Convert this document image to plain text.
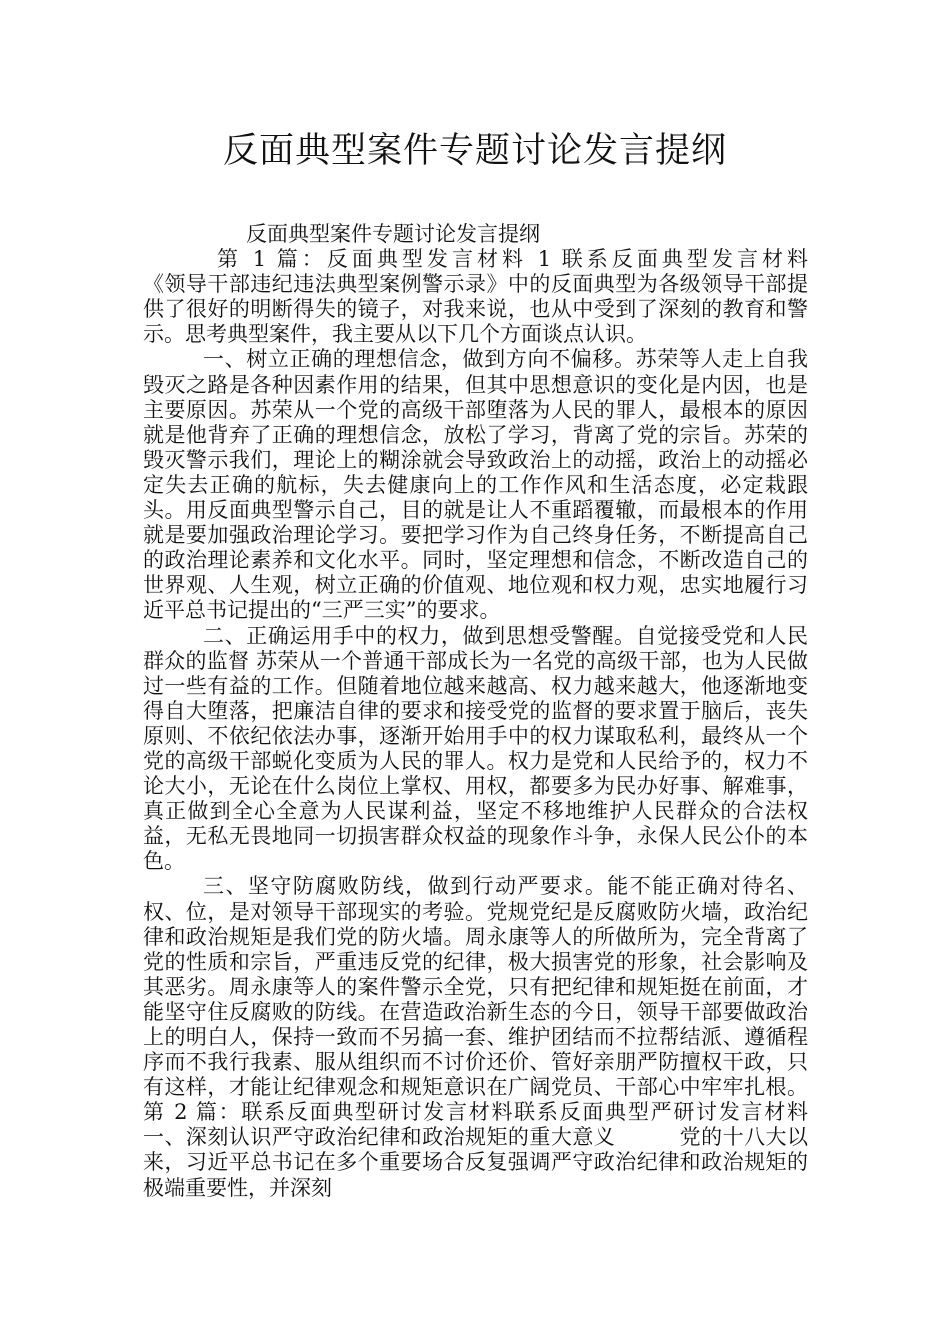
反面典型案件专题讨论发言提纲

反面典型案件专题讨论发言提纲

第 1 篇：反面典型发言材料 1 联系反面典型发言材料

《领导干部违纪违法典型案例警示录》中的反面典型为各级领导干部提供了很好的明断得失的镜子，对我来说，也从中受到了深刻的教育和警示。思考典型案件，我主要从以下几个方面谈点认识。

一、树立正确的理想信念，做到方向不偏移。苏荣等人走上自我毁灭之路是各种因素作用的结果，但其中思想意识的变化是内因，也是主要原因。苏荣从一个党的高级干部堕落为人民的罪人，最根本的原因就是他背弃了正确的理想信念，放松了学习，背离了党的宗旨。苏荣的毁灭警示我们，理论上的糊涂就会导致政治上的动摇，政治上的动摇必定失去正确的航标，失去健康向上的工作作风和生活态度，必定栽跟头。用反面典型警示自己，目的就是让人不重蹈覆辙，而最根本的作用就是要加强政治理论学习。要把学习作为自己终身任务，不断提高自己的政治理论素养和文化水平。同时，坚定理想和信念，不断改造自己的世界观、人生观，树立正确的价值观、地位观和权力观，忠实地履行习近平总书记提出的“三严三实”的要求。

二、正确运用手中的权力，做到思想受警醒。自觉接受党和人民群众的监督 苏荣从一个普通干部成长为一名党的高级干部，也为人民做过一些有益的工作。但随着地位越来越高、权力越来越大，他逐渐地变得自大堕落，把廉洁自律的要求和接受党的监督的要求置于脑后，丧失原则、不依纪依法办事，逐渐开始用手中的权力谋取私利，最终从一个党的高级干部蜕化变质为人民的罪人。权力是党和人民给予的，权力不论大小，无论在什么岗位上掌权、用权，都要多为民办好事、解难事，真正做到全心全意为人民谋利益，坚定不移地维护人民群众的合法权益，无私无畏地同一切损害群众权益的现象作斗争，永保人民公仆的本色。

三、坚守防腐败防线，做到行动严要求。能不能正确对待名、权、位，是对领导干部现实的考验。党规党纪是反腐败防火墙，政治纪律和政治规矩是我们党的防火墙。周永康等人的所做所为，完全背离了党的性质和宗旨，严重违反党的纪律，极大损害党的形象，社会影响及其恶劣。周永康等人的案件警示全党，只有把纪律和规矩挺在前面，才能坚守住反腐败的防线。在营造政治新生态的今日，领导干部要做政治上的明白人，保持一致而不另搞一套、维护团结而不拉帮结派、遵循程序而不我行我素、服从组织而不讨价还价、管好亲朋严防擅权干政，只有这样，才能让纪律观念和规矩意识在广阔党员、干部心中牢牢扎根。第 2 篇：联系反面典型研讨发言材料联系反面典型严研讨发言材料　　　一、深刻认识严守政治纪律和政治规矩的重大意义　　　党的十八大以来，习近平总书记在多个重要场合反复强调严守政治纪律和政治规矩的极端重要性，并深刻
